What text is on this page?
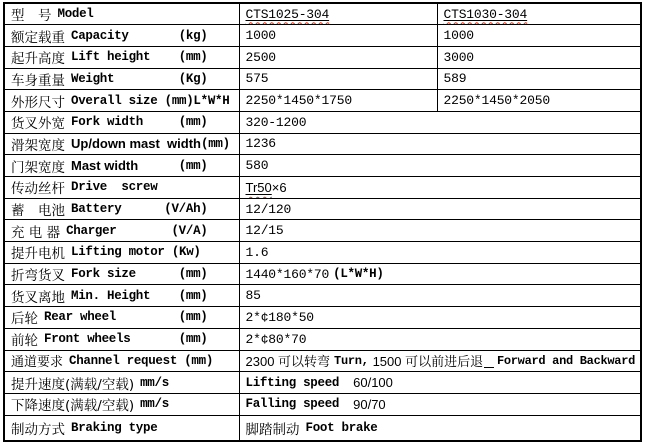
型　号 Model	CTS1025-304	CTS1030-304

额定载重 Capacity (kg)	1000	1000

起升高度 Lift height (mm)	2500	3000

车身重量 Weight (Kg)	575	589

外形尺寸 Overall size (mm)L*W*H	2250*1450*1750	2250*1450*2050

货叉外宽 Fork width (mm)	320-1200	

滑架宽度 Up/down mast  width (mm)	1236	

门架宽度 Mast width (mm)	580	

传动丝杆 Drive  screw	Tr50 ×6	

蓄　电池 Battery (V/Ah)	12/120	

充 电 器 Charger (V/A)	12/15	

提升电机 Lifting motor (Kw)	1.6	

折弯货叉 Fork size (mm)	1440*160*70 (L*W*H)	

货叉离地 Min. Height (mm)	85	

后轮 Rear wheel (mm)	2*¢180*50	

前轮 Front wheels (mm)	2*¢80*70	

通道要求 Channel request (mm)	2300 可以转弯 Turn, 1500 可以前进后退 Forward and Backward	

提升速度(满载/空载) mm/s	Lifting speed 60/100	

下降速度(满载/空载) mm/s	Falling speed 90/70	

制动方式 Braking type	脚踏制动 Foot brake	
